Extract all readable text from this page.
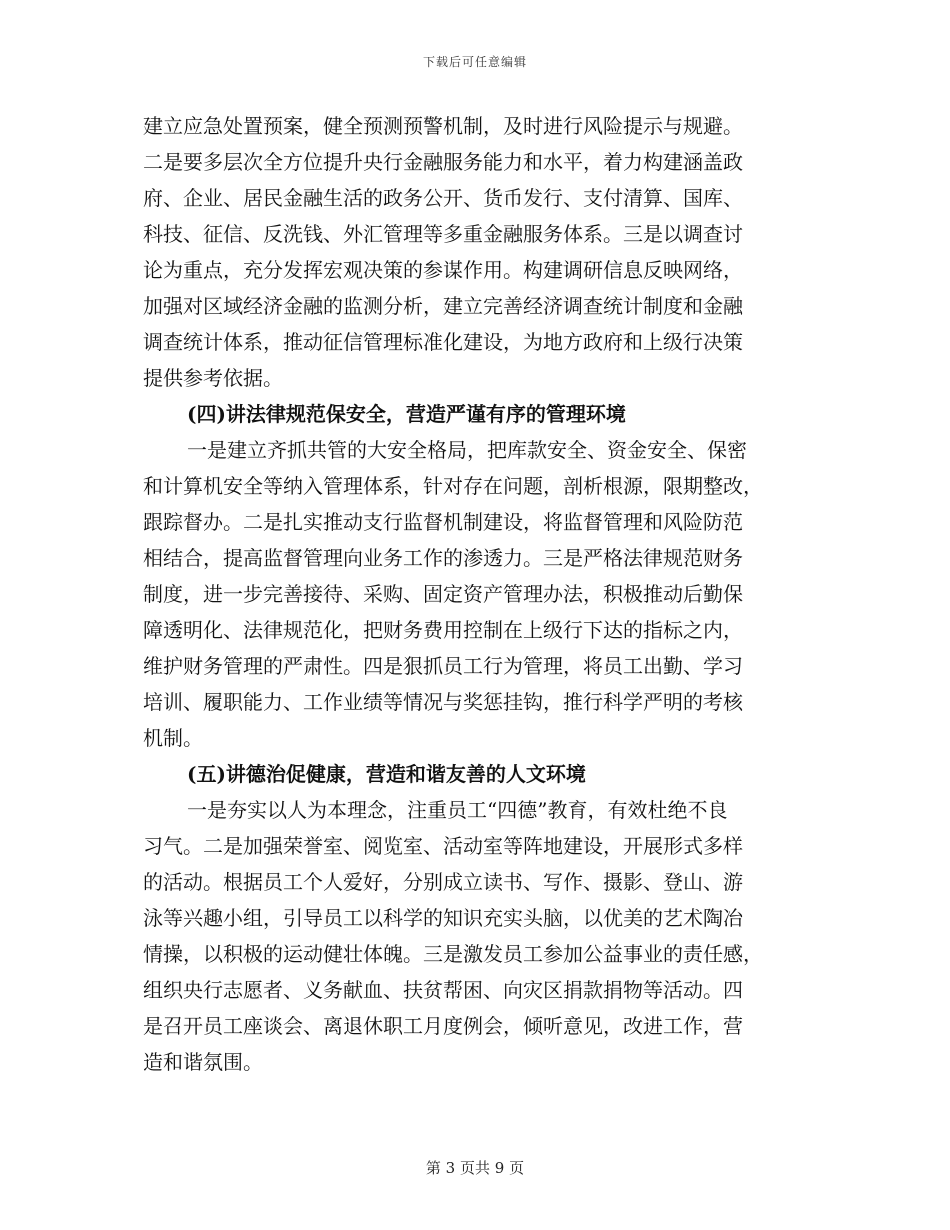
下载后可任意编辑
建立应急处置预案，健全预测预警机制，及时进行风险提示与规避。
二是要多层次全方位提升央行金融服务能力和水平，着力构建涵盖政
府、企业、居民金融生活的政务公开、货币发行、支付清算、国库、
科技、征信、反洗钱、外汇管理等多重金融服务体系。三是以调查讨
论为重点，充分发挥宏观决策的参谋作用。构建调研信息反映网络，
加强对区域经济金融的监测分析，建立完善经济调查统计制度和金融
调查统计体系，推动征信管理标准化建设，为地方政府和上级行决策
提供参考依据。
(四)讲法律规范保安全，营造严谨有序的管理环境
一是建立齐抓共管的大安全格局，把库款安全、资金安全、保密
和计算机安全等纳入管理体系，针对存在问题，剖析根源，限期整改，
跟踪督办。二是扎实推动支行监督机制建设，将监督管理和风险防范
相结合，提高监督管理向业务工作的渗透力。三是严格法律规范财务
制度，进一步完善接待、采购、固定资产管理办法，积极推动后勤保
障透明化、法律规范化，把财务费用控制在上级行下达的指标之内，
维护财务管理的严肃性。四是狠抓员工行为管理，将员工出勤、学习
培训、履职能力、工作业绩等情况与奖惩挂钩，推行科学严明的考核
机制。
(五)讲德治促健康，营造和谐友善的人文环境
一是夯实以人为本理念，注重员工“四德”教育，有效杜绝不良
习气。二是加强荣誉室、阅览室、活动室等阵地建设，开展形式多样
的活动。根据员工个人爱好，分别成立读书、写作、摄影、登山、游
泳等兴趣小组，引导员工以科学的知识充实头脑，以优美的艺术陶冶
情操，以积极的运动健壮体魄。三是激发员工参加公益事业的责任感，
组织央行志愿者、义务献血、扶贫帮困、向灾区捐款捐物等活动。四
是召开员工座谈会、离退休职工月度例会，倾听意见，改进工作，营
造和谐氛围。
第 3 页共 9 页
